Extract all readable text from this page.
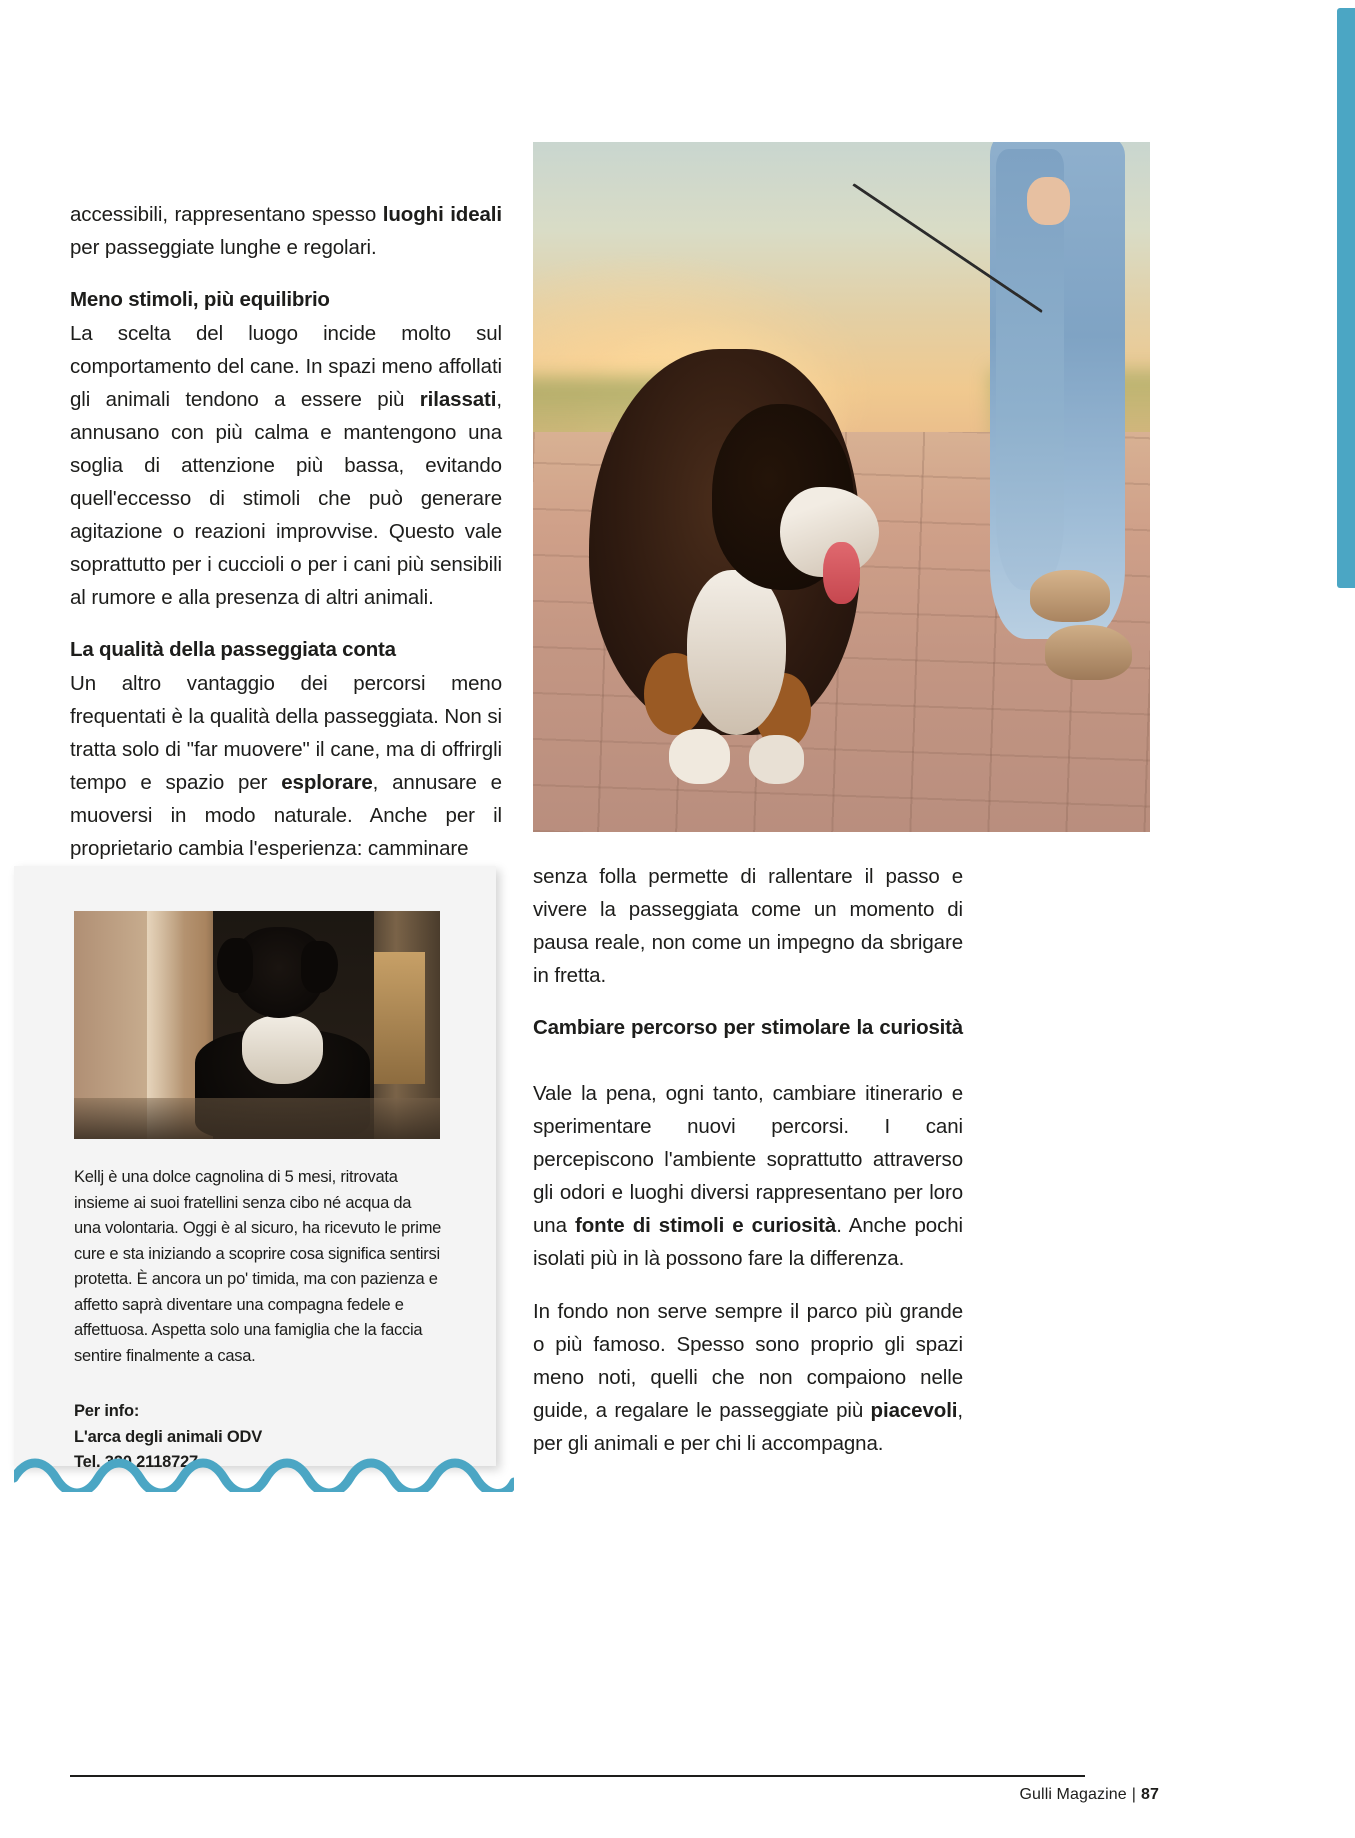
accessibili, rappresentano spesso luoghi ideali per passeggiate lunghe e regolari.

Meno stimoli, più equilibrio

La scelta del luogo incide molto sul comportamento del cane. In spazi meno affollati gli animali tendono a essere più rilassati, annusano con più calma e mantengono una soglia di attenzione più bassa, evitando quell'eccesso di stimoli che può generare agitazione o reazioni improvvise. Questo vale soprattutto per i cuccioli o per i cani più sensibili al rumore e alla presenza di altri animali.

La qualità della passeggiata conta

Un altro vantaggio dei percorsi meno frequentati è la qualità della passeggiata. Non si tratta solo di "far muovere" il cane, ma di offrirgli tempo e spazio per esplorare, annusare e muoversi in modo naturale. Anche per il proprietario cambia l'esperienza: camminare

senza folla permette di rallentare il passo e vivere la passeggiata come un momento di pausa reale, non come un impegno da sbrigare in fretta.

Cambiare percorso per stimolare la curiosità

Vale la pena, ogni tanto, cambiare itinerario e sperimentare nuovi percorsi. I cani percepiscono l'ambiente soprattutto attraverso gli odori e luoghi diversi rappresentano per loro una fonte di stimoli e curiosità. Anche pochi isolati più in là possono fare la differenza.

In fondo non serve sempre il parco più grande o più famoso. Spesso sono proprio gli spazi meno noti, quelli che non compaiono nelle guide, a regalare le passeggiate più piacevoli, per gli animali e per chi li accompagna.

Kellj è una dolce cagnolina di 5 mesi, ritrovata insieme ai suoi fratellini senza cibo né acqua da una volontaria. Oggi è al sicuro, ha ricevuto le prime cure e sta iniziando a scoprire cosa significa sentirsi protetta. È ancora un po' timida, ma con pazienza e affetto saprà diventare una compagna fedele e affettuosa. Aspetta solo una famiglia che la faccia sentire finalmente a casa.

Per info:
L'arca degli animali ODV
Tel. 320 2118727
Gulli Magazine | 87
